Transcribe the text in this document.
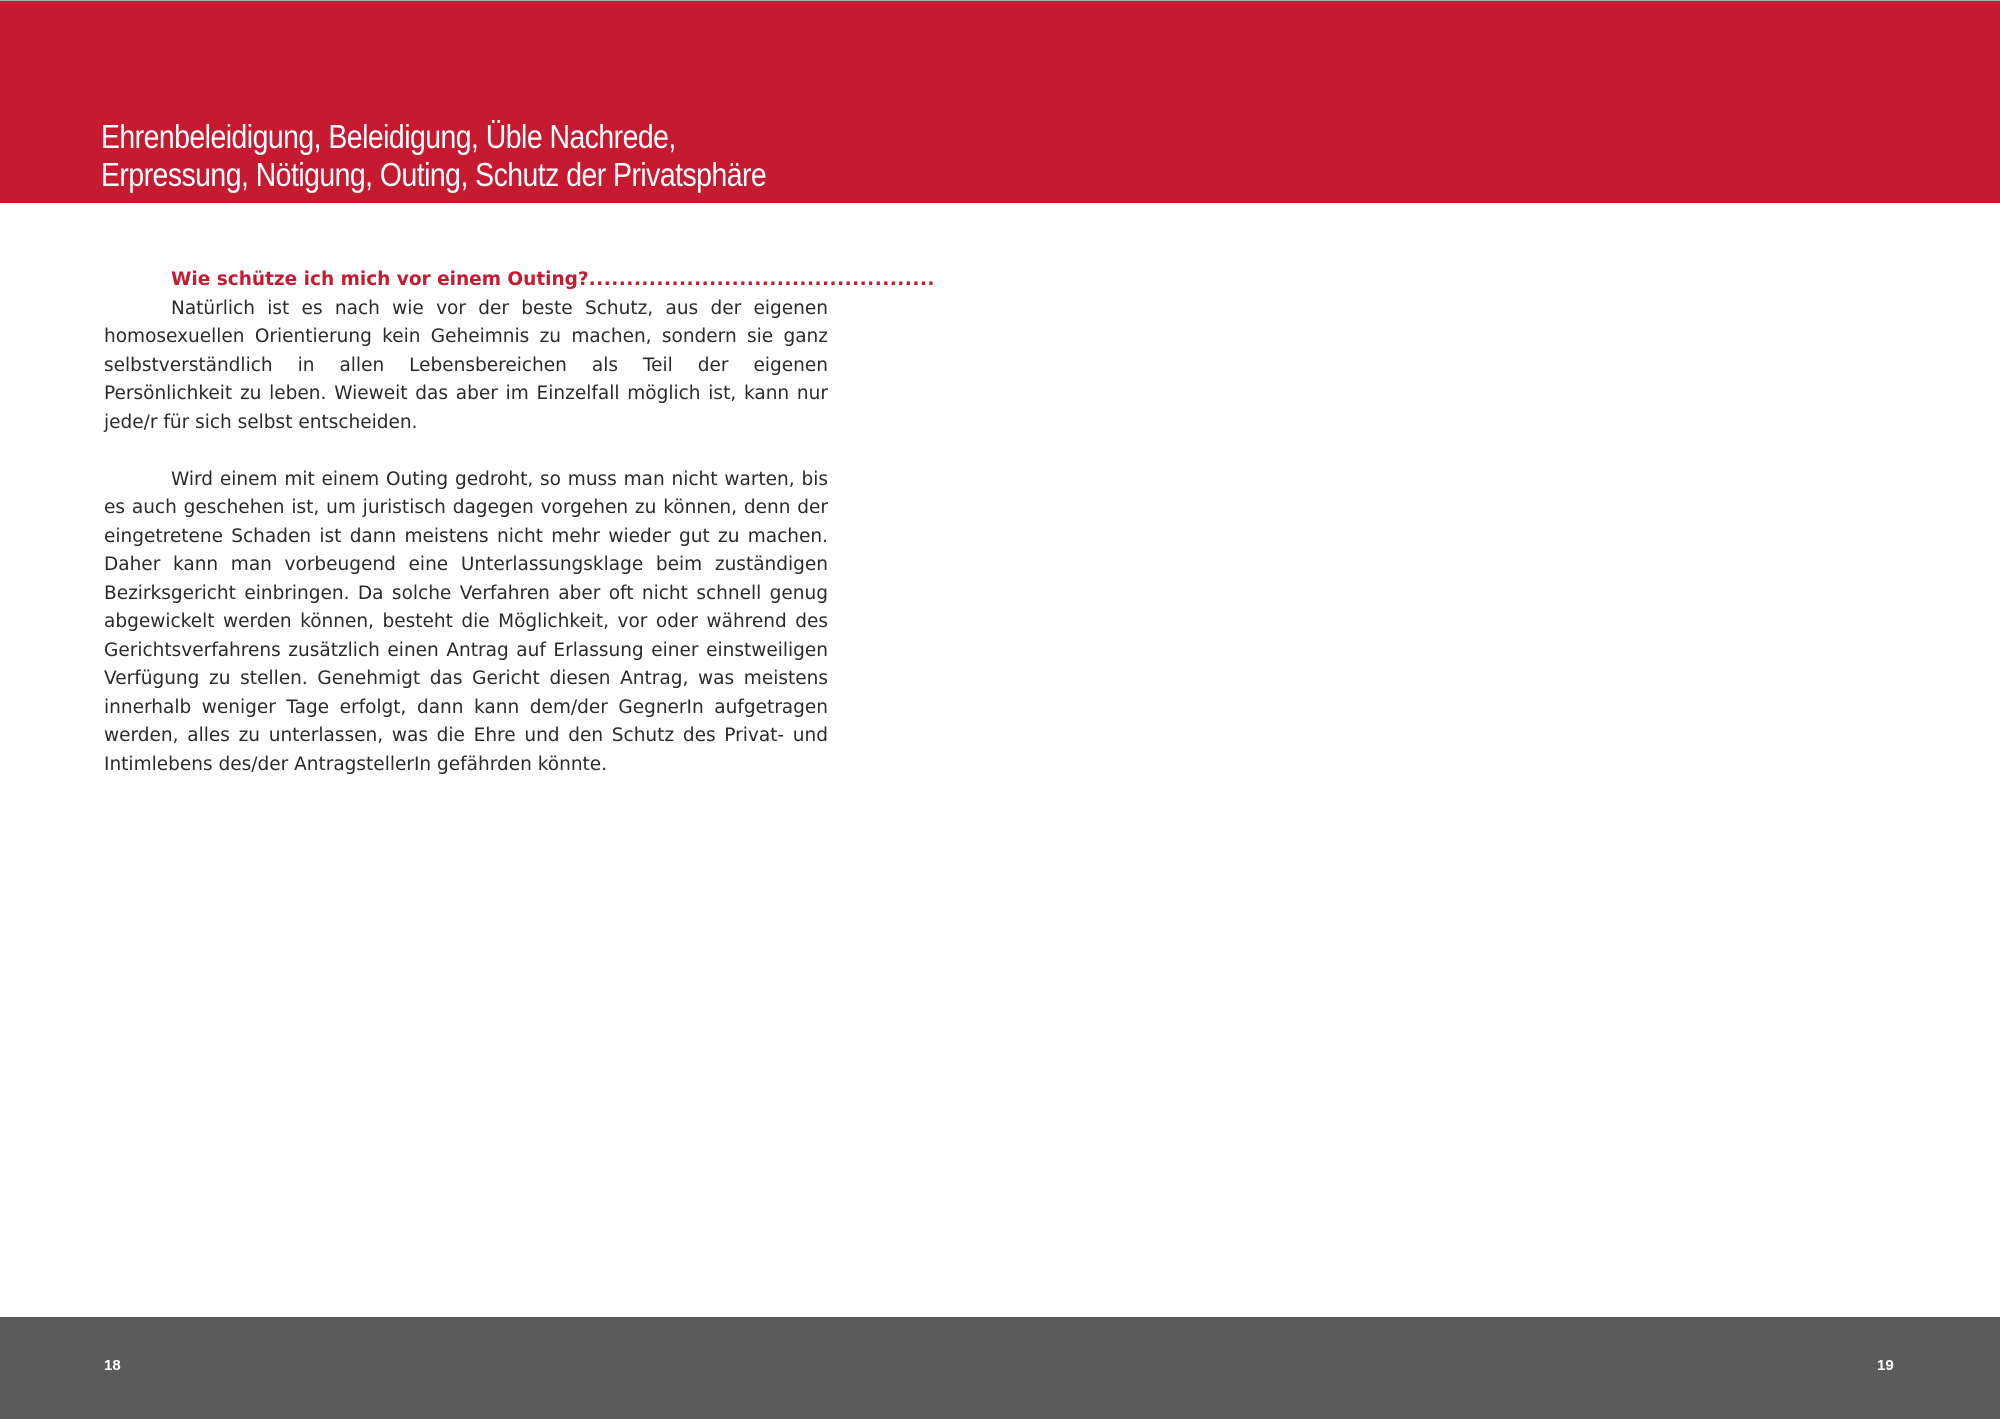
Ehrenbeleidigung, Beleidigung, Üble Nachrede,
Erpressung, Nötigung, Outing, Schutz der Privatsphäre
Wie schütze ich mich vor einem Outing?..............................................

Natürlich ist es nach wie vor der beste Schutz, aus der eigenen homosexuellen Orientierung kein Geheimnis zu machen, sondern sie ganz selbstverständlich in allen Lebensbereichen als Teil der eigenen Persönlichkeit zu leben. Wieweit das aber im Einzelfall möglich ist, kann nur jede/r für sich selbst entscheiden.

Wird einem mit einem Outing gedroht, so muss man nicht warten, bis es auch geschehen ist, um juristisch dagegen vorgehen zu können, denn der eingetretene Schaden ist dann meistens nicht mehr wieder gut zu machen. Daher kann man vorbeugend eine Unterlassungsklage beim zuständigen Bezirksgericht einbringen. Da solche Verfahren aber oft nicht schnell genug abgewickelt werden können, besteht die Möglichkeit, vor oder während des Gerichtsverfahrens zusätzlich einen Antrag auf Erlassung einer einstweiligen Verfügung zu stellen. Genehmigt das Gericht diesen Antrag, was meistens innerhalb weniger Tage erfolgt, dann kann dem/der GegnerIn aufgetragen werden, alles zu unterlassen, was die Ehre und den Schutz des Privat- und Intimlebens des/der AntragstellerIn gefährden könnte.

18	19
